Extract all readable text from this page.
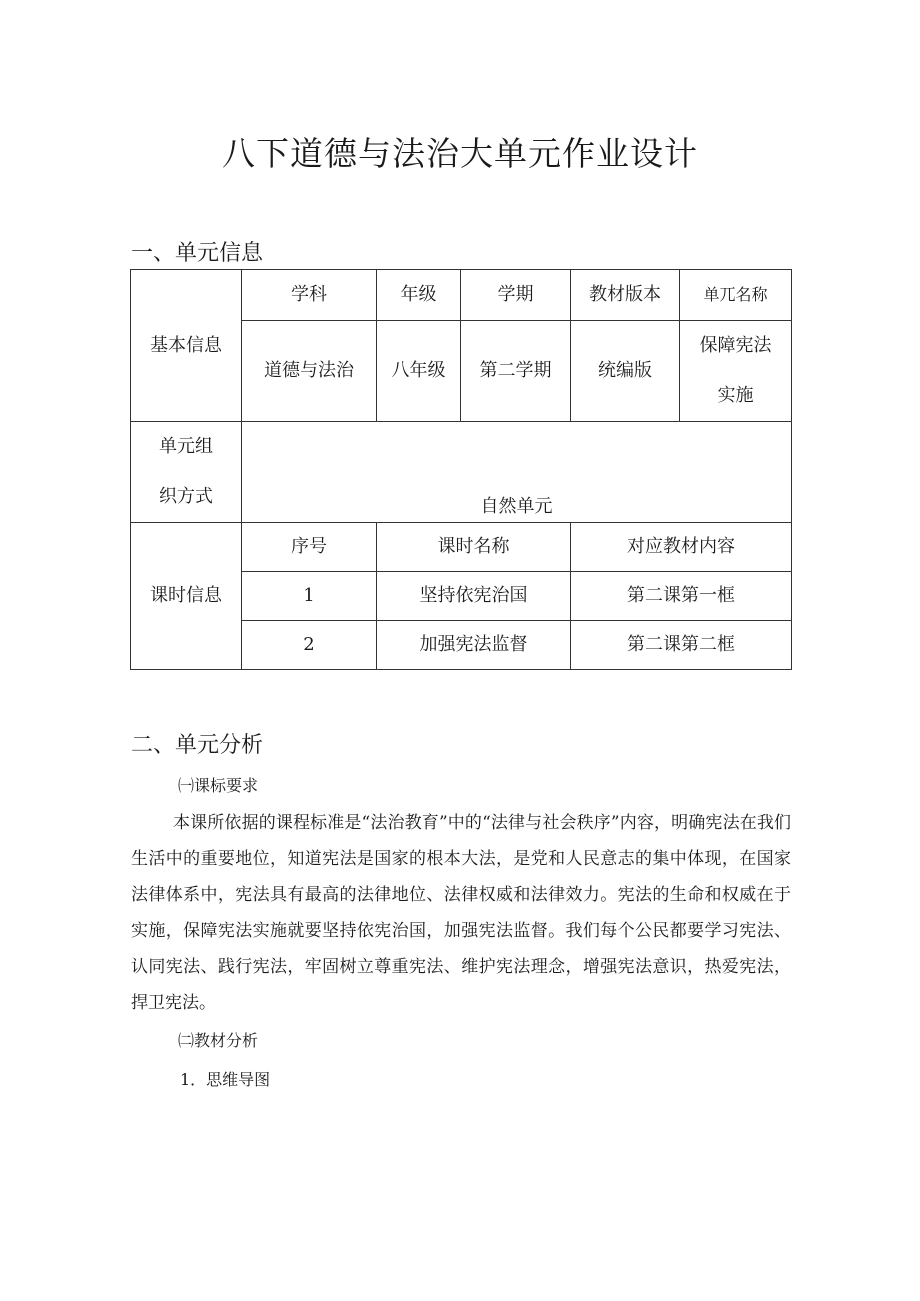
八下道德与法治大单元作业设计
一、单元信息
基本信息	学科	年级	学期	教材版本	单兀名称
	道德与法治	八年级	第二学期	统编版	保障宪法
实施

单元组
织方式	自然单元				
课时信息	序号	课时名称		对应教材内容	
	1	坚持依宪治国		第二课第一框	
	2	加强宪法监督		第二课第二框	
二、单元分析

㈠课标要求

本课所依据的课程标准是“法治教育”中的“法律与社会秩序”内容，明确宪法在我们生活中的重要地位，知道宪法是国家的根本大法，是党和人民意志的集中体现，在国家法律体系中，宪法具有最高的法律地位、法律权威和法律效力。宪法的生命和权威在于实施，保障宪法实施就要坚持依宪治国，加强宪法监督。我们每个公民都要学习宪法、认同宪法、践行宪法，牢固树立尊重宪法、维护宪法理念，增强宪法意识，热爱宪法，捍卫宪法。

㈡教材分析

1．思维导图
